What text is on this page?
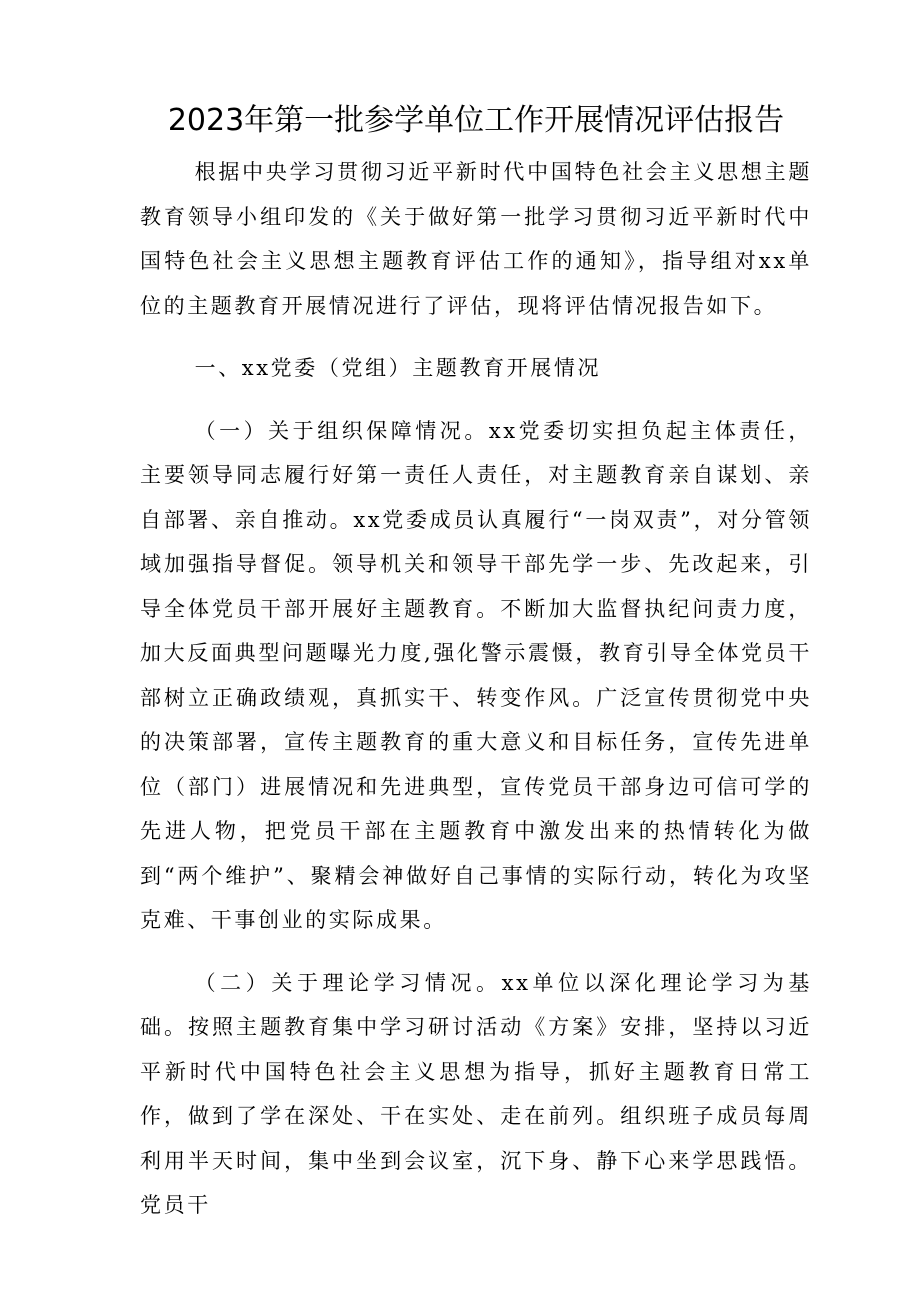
2023年第一批参学单位工作开展情况评估报告

根据中央学习贯彻习近平新时代中国特色社会主义思想主题教育领导小组印发的《关于做好第一批学习贯彻习近平新时代中国特色社会主义思想主题教育评估工作的通知》，指导组对xx单位的主题教育开展情况进行了评估，现将评估情况报告如下。

一、xx党委（党组）主题教育开展情况

（一）关于组织保障情况。xx党委切实担负起主体责任，主要领导同志履行好第一责任人责任，对主题教育亲自谋划、亲自部署、亲自推动。xx党委成员认真履行“一岗双责”，对分管领域加强指导督促。领导机关和领导干部先学一步、先改起来，引导全体党员干部开展好主题教育。不断加大监督执纪问责力度，加大反面典型问题曝光力度,强化警示震慑，教育引导全体党员干部树立正确政绩观，真抓实干、转变作风。广泛宣传贯彻党中央的决策部署，宣传主题教育的重大意义和目标任务，宣传先进单位（部门）进展情况和先进典型，宣传党员干部身边可信可学的先进人物，把党员干部在主题教育中激发出来的热情转化为做到“两个维护”、聚精会神做好自己事情的实际行动，转化为攻坚克难、干事创业的实际成果。

（二）关于理论学习情况。xx单位以深化理论学习为基础。按照主题教育集中学习研讨活动《方案》安排，坚持以习近平新时代中国特色社会主义思想为指导，抓好主题教育日常工作，做到了学在深处、干在实处、走在前列。组织班子成员每周利用半天时间，集中坐到会议室，沉下身、静下心来学思践悟。党员干
